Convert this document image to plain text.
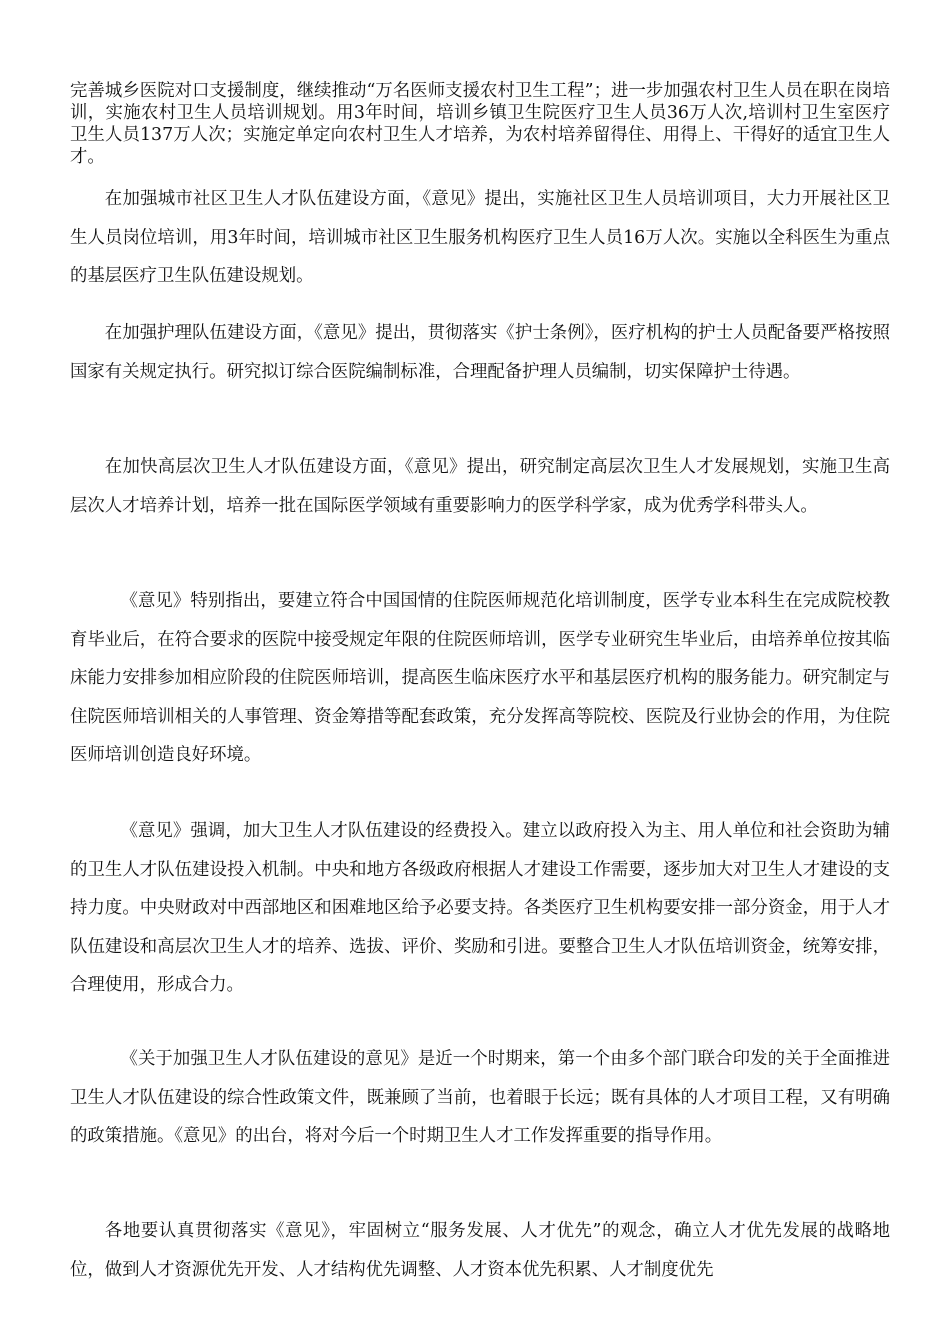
完善城乡医院对口支援制度，继续推动“万名医师支援农村卫生工程”；进一步加强农村卫生人员在职在岗培训，实施农村卫生人员培训规划。用3年时间，培训乡镇卫生院医疗卫生人员36万人次,培训村卫生室医疗卫生人员137万人次；实施定单定向农村卫生人才培养，为农村培养留得住、用得上、干得好的适宜卫生人才。

在加强城市社区卫生人才队伍建设方面，《意见》提出，实施社区卫生人员培训项目，大力开展社区卫生人员岗位培训，用3年时间，培训城市社区卫生服务机构医疗卫生人员16万人次。实施以全科医生为重点的基层医疗卫生队伍建设规划。

在加强护理队伍建设方面，《意见》提出，贯彻落实《护士条例》，医疗机构的护士人员配备要严格按照国家有关规定执行。研究拟订综合医院编制标准，合理配备护理人员编制，切实保障护士待遇。

在加快高层次卫生人才队伍建设方面，《意见》提出，研究制定高层次卫生人才发展规划，实施卫生高层次人才培养计划，培养一批在国际医学领域有重要影响力的医学科学家，成为优秀学科带头人。

《意见》特别指出，要建立符合中国国情的住院医师规范化培训制度，医学专业本科生在完成院校教育毕业后，在符合要求的医院中接受规定年限的住院医师培训，医学专业研究生毕业后，由培养单位按其临床能力安排参加相应阶段的住院医师培训，提高医生临床医疗水平和基层医疗机构的服务能力。研究制定与住院医师培训相关的人事管理、资金筹措等配套政策，充分发挥高等院校、医院及行业协会的作用，为住院医师培训创造良好环境。

《意见》强调，加大卫生人才队伍建设的经费投入。建立以政府投入为主、用人单位和社会资助为辅的卫生人才队伍建设投入机制。中央和地方各级政府根据人才建设工作需要，逐步加大对卫生人才建设的支持力度。中央财政对中西部地区和困难地区给予必要支持。各类医疗卫生机构要安排一部分资金，用于人才队伍建设和高层次卫生人才的培养、选拔、评价、奖励和引进。要整合卫生人才队伍培训资金，统筹安排，合理使用，形成合力。

《关于加强卫生人才队伍建设的意见》是近一个时期来，第一个由多个部门联合印发的关于全面推进卫生人才队伍建设的综合性政策文件，既兼顾了当前，也着眼于长远；既有具体的人才项目工程，又有明确的政策措施。《意见》的出台，将对今后一个时期卫生人才工作发挥重要的指导作用。

各地要认真贯彻落实《意见》，牢固树立“服务发展、人才优先”的观念，确立人才优先发展的战略地位，做到人才资源优先开发、人才结构优先调整、人才资本优先积累、人才制度优先
